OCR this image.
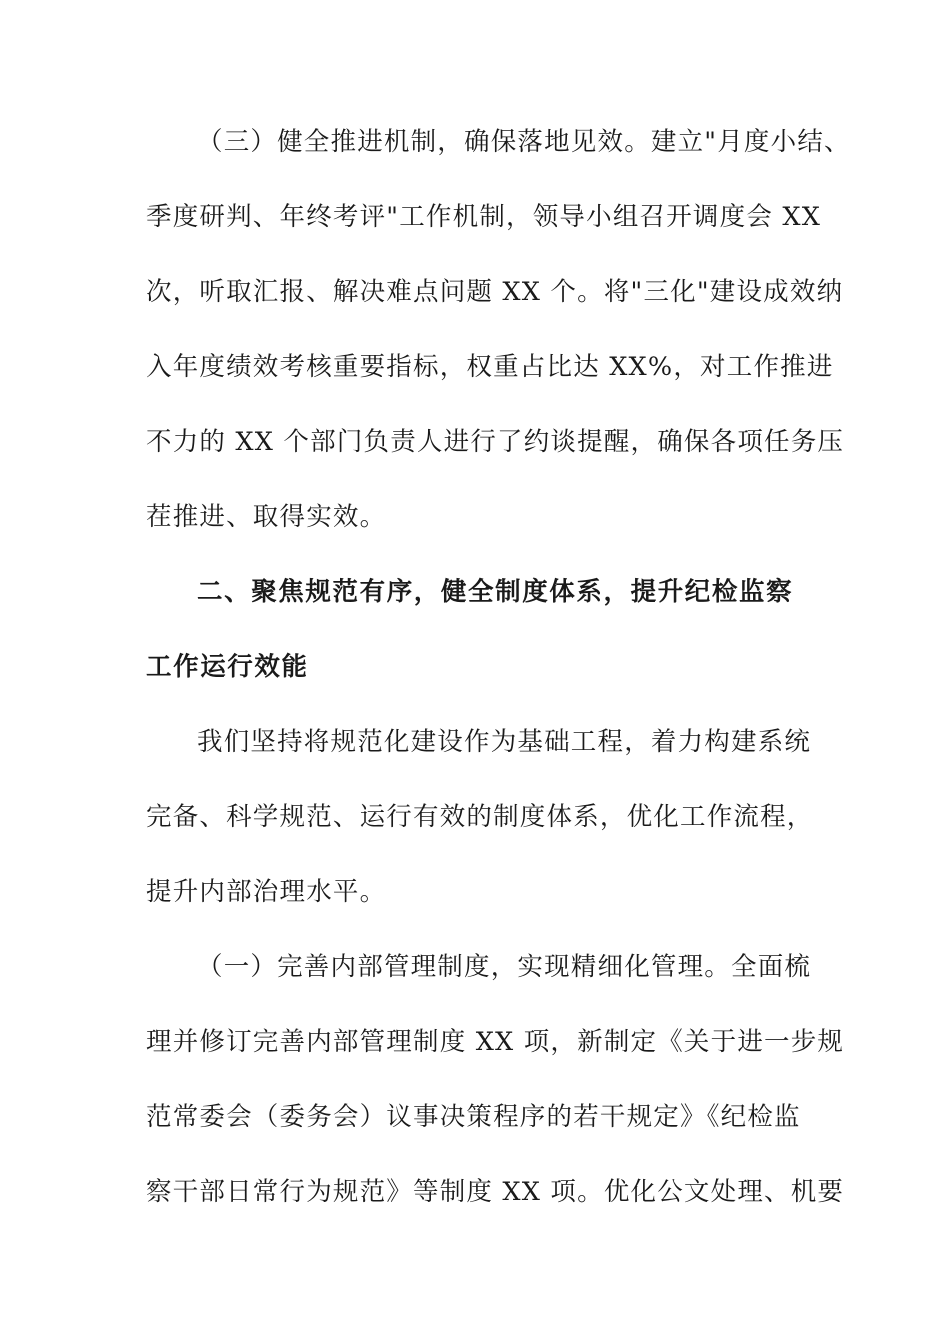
（三）健全推进机制，确保落地见效。建立"月度小结、
季度研判、年终考评"工作机制，领导小组召开调度会 XX
次，听取汇报、解决难点问题 XX 个。将"三化"建设成效纳
入年度绩效考核重要指标，权重占比达 XX%，对工作推进
不力的 XX 个部门负责人进行了约谈提醒，确保各项任务压
茬推进、取得实效。
二、聚焦规范有序，健全制度体系，提升纪检监察
工作运行效能
我们坚持将规范化建设作为基础工程，着力构建系统
完备、科学规范、运行有效的制度体系，优化工作流程，
提升内部治理水平。
（一）完善内部管理制度，实现精细化管理。全面梳
理并修订完善内部管理制度 XX 项，新制定《关于进一步规
范常委会（委务会）议事决策程序的若干规定》《纪检监
察干部日常行为规范》等制度 XX 项。优化公文处理、机要
